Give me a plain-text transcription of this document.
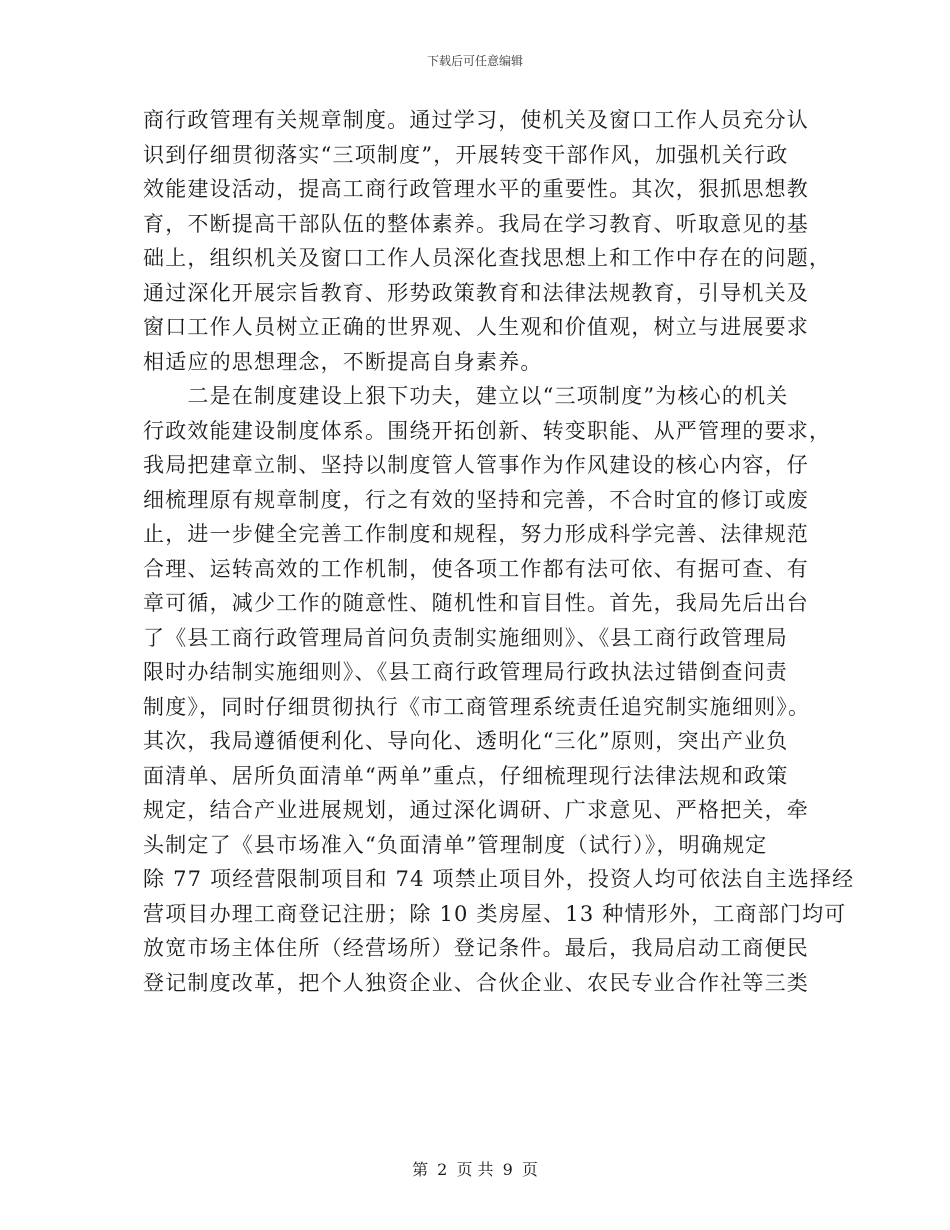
下载后可任意编辑
商行政管理有关规章制度。通过学习，使机关及窗口工作人员充分认
识到仔细贯彻落实“三项制度”，开展转变干部作风，加强机关行政
效能建设活动，提高工商行政管理水平的重要性。其次，狠抓思想教
育，不断提高干部队伍的整体素养。我局在学习教育、听取意见的基
础上，组织机关及窗口工作人员深化查找思想上和工作中存在的问题，
通过深化开展宗旨教育、形势政策教育和法律法规教育，引导机关及
窗口工作人员树立正确的世界观、人生观和价值观，树立与进展要求
相适应的思想理念，不断提高自身素养。
　　二是在制度建设上狠下功夫，建立以“三项制度”为核心的机关
行政效能建设制度体系。围绕开拓创新、转变职能、从严管理的要求，
我局把建章立制、坚持以制度管人管事作为作风建设的核心内容，仔
细梳理原有规章制度，行之有效的坚持和完善，不合时宜的修订或废
止，进一步健全完善工作制度和规程，努力形成科学完善、法律规范
合理、运转高效的工作机制，使各项工作都有法可依、有据可查、有
章可循，减少工作的随意性、随机性和盲目性。首先，我局先后出台
了《县工商行政管理局首问负责制实施细则》、《县工商行政管理局
限时办结制实施细则》、《县工商行政管理局行政执法过错倒查问责
制度》，同时仔细贯彻执行《市工商管理系统责任追究制实施细则》。
其次，我局遵循便利化、导向化、透明化“三化”原则，突出产业负
面清单、居所负面清单“两单”重点，仔细梳理现行法律法规和政策
规定，结合产业进展规划，通过深化调研、广求意见、严格把关，牵
头制定了《县市场准入“负面清单”管理制度（试行）》，明确规定
除 77 项经营限制项目和 74 项禁止项目外，投资人均可依法自主选择经
营项目办理工商登记注册；除 10 类房屋、13 种情形外，工商部门均可
放宽市场主体住所（经营场所）登记条件。最后，我局启动工商便民
登记制度改革，把个人独资企业、合伙企业、农民专业合作社等三类
第 2 页 共 9 页
